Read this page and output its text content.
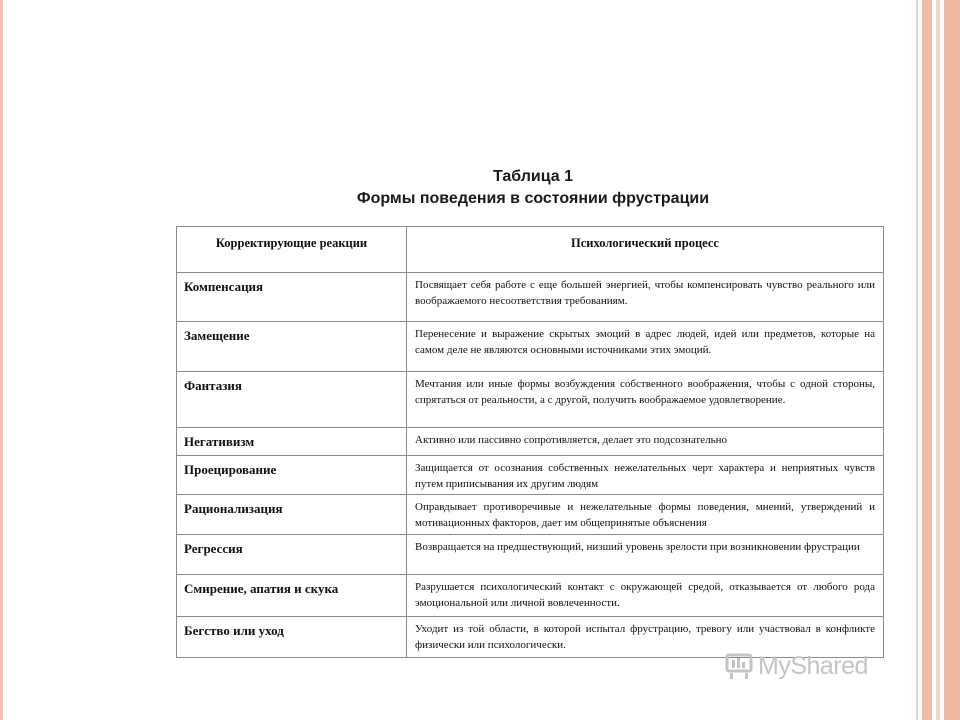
Таблица 1
Формы поведения в состоянии фрустрации
Корректирующие реакции	Психологический процесс
Компенсация	Посвящает себя работе с еще большей энергией, чтобы компенсировать чувство реального или воображаемого несоответствия требованиям.
Замещение	Перенесение и выражение скрытых эмоций в адрес людей, идей или предметов, которые на самом деле не являются основными источниками этих эмоций.
Фантазия	Мечтания или иные формы возбуждения собственного воображения, чтобы с одной стороны, спрятаться от реальности, а с другой, получить воображаемое удовлетворение.
Негативизм	Активно или пассивно сопротивляется, делает это подсознательно
Проецирование	Защищается от осознания собственных нежелательных черт характера и неприятных чувств путем приписывания их другим людям
Рационализация	Оправдывает противоречивые и нежелательные формы поведения, мнений, утверждений и мотивационных факторов, дает им общепринятые объяснения
Регрессия	Возвращается на предшествующий, низший уровень зрелости при возникновении фрустрации
Смирение, апатия и скука	Разрушается психологический контакт с окружающей средой, отказывается от любого рода эмоциональной или личной вовлеченности.
Бегство или уход	Уходит из той области, в которой испытал фрустрацию, тревогу или участвовал в конфликте физически или психологически.
MyShared
